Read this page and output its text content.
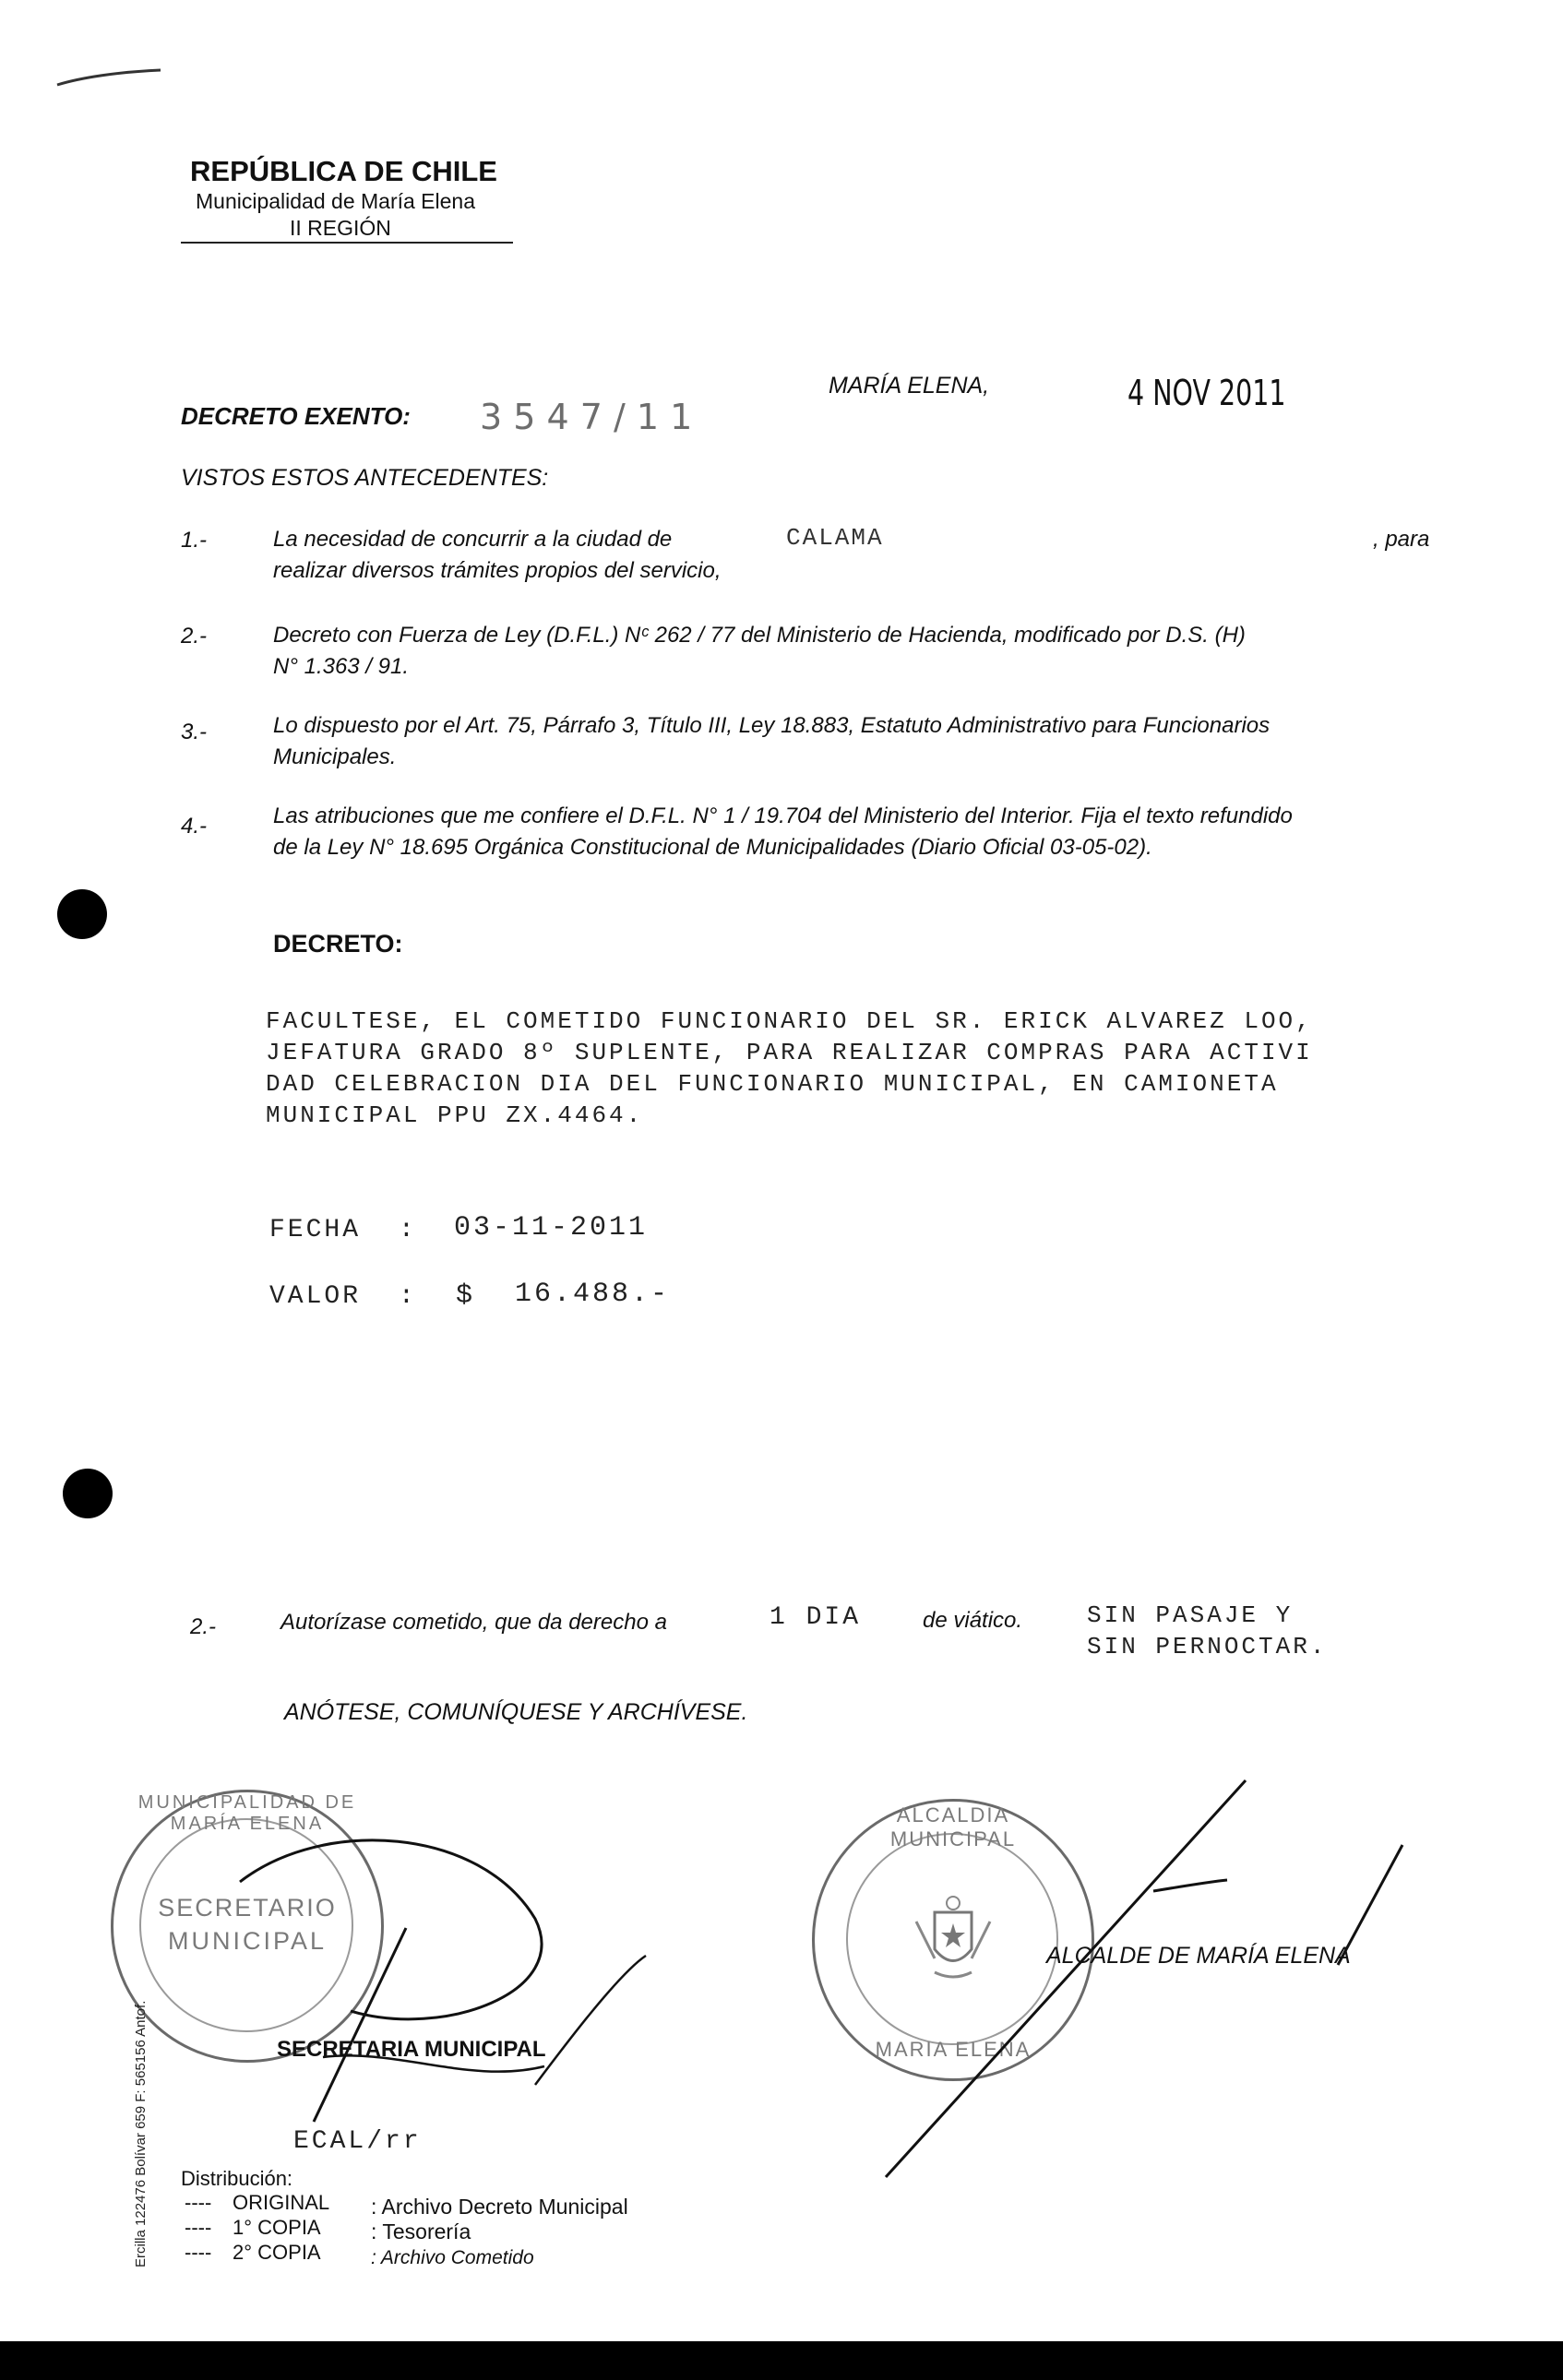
REPÚBLICA DE CHILE
Municipalidad de María Elena
II REGIÓN
DECRETO EXENTO: 3 5 4 7 / 1 1
MARÍA ELENA,	4 NOV 2011
VISTOS ESTOS ANTECEDENTES:
1.-	La necesidad de concurrir a la ciudad de	CALAMA	, para
realizar diversos trámites propios del servicio,
2.-	Decreto con Fuerza de Ley (D.F.L.) Nᶜ 262 / 77 del Ministerio de Hacienda, modificado por D.S. (H)
N° 1.363 / 91.
3.-	Lo dispuesto por el Art. 75, Párrafo 3, Título III, Ley 18.883, Estatuto Administrativo para Funcionarios
Municipales.
4.-	Las atribuciones que me confiere el D.F.L. N° 1 / 19.704 del Ministerio del Interior. Fija el texto refundido
de la Ley N° 18.695 Orgánica Constitucional de Municipalidades (Diario Oficial 03-05-02).
DECRETO:
FACULTESE, EL COMETIDO FUNCIONARIO DEL SR. ERICK ALVAREZ LOO,
JEFATURA GRADO 8º SUPLENTE, PARA REALIZAR COMPRAS PARA ACTIVI
DAD CELEBRACION DIA DEL FUNCIONARIO MUNICIPAL, EN CAMIONETA
MUNICIPAL PPU ZX.4464.
FECHA : 03-11-2011
VALOR : $ 16.488.-
2.-	Autorízase cometido, que da derecho a	1 DIA	de viático.	SIN PASAJE Y
SIN PERNOCTAR.
ANÓTESE, COMUNÍQUESE Y ARCHÍVESE.
MUNICIPALIDAD DE MARÍA ELENA
SECRETARIO
MUNICIPAL
ALCALDIA MUNICIPAL
MARIA ELENA
SECRETARIA MUNICIPAL
ALCALDE DE MARÍA ELENA
ECAL/rr
Distribución:
---- ORIGINAL : Archivo Decreto Municipal
---- 1° COPIA : Tesorería
---- 2° COPIA	: Archivo Cometido
Ercilla 122476 Bolívar 659 F: 565156 Antof.
